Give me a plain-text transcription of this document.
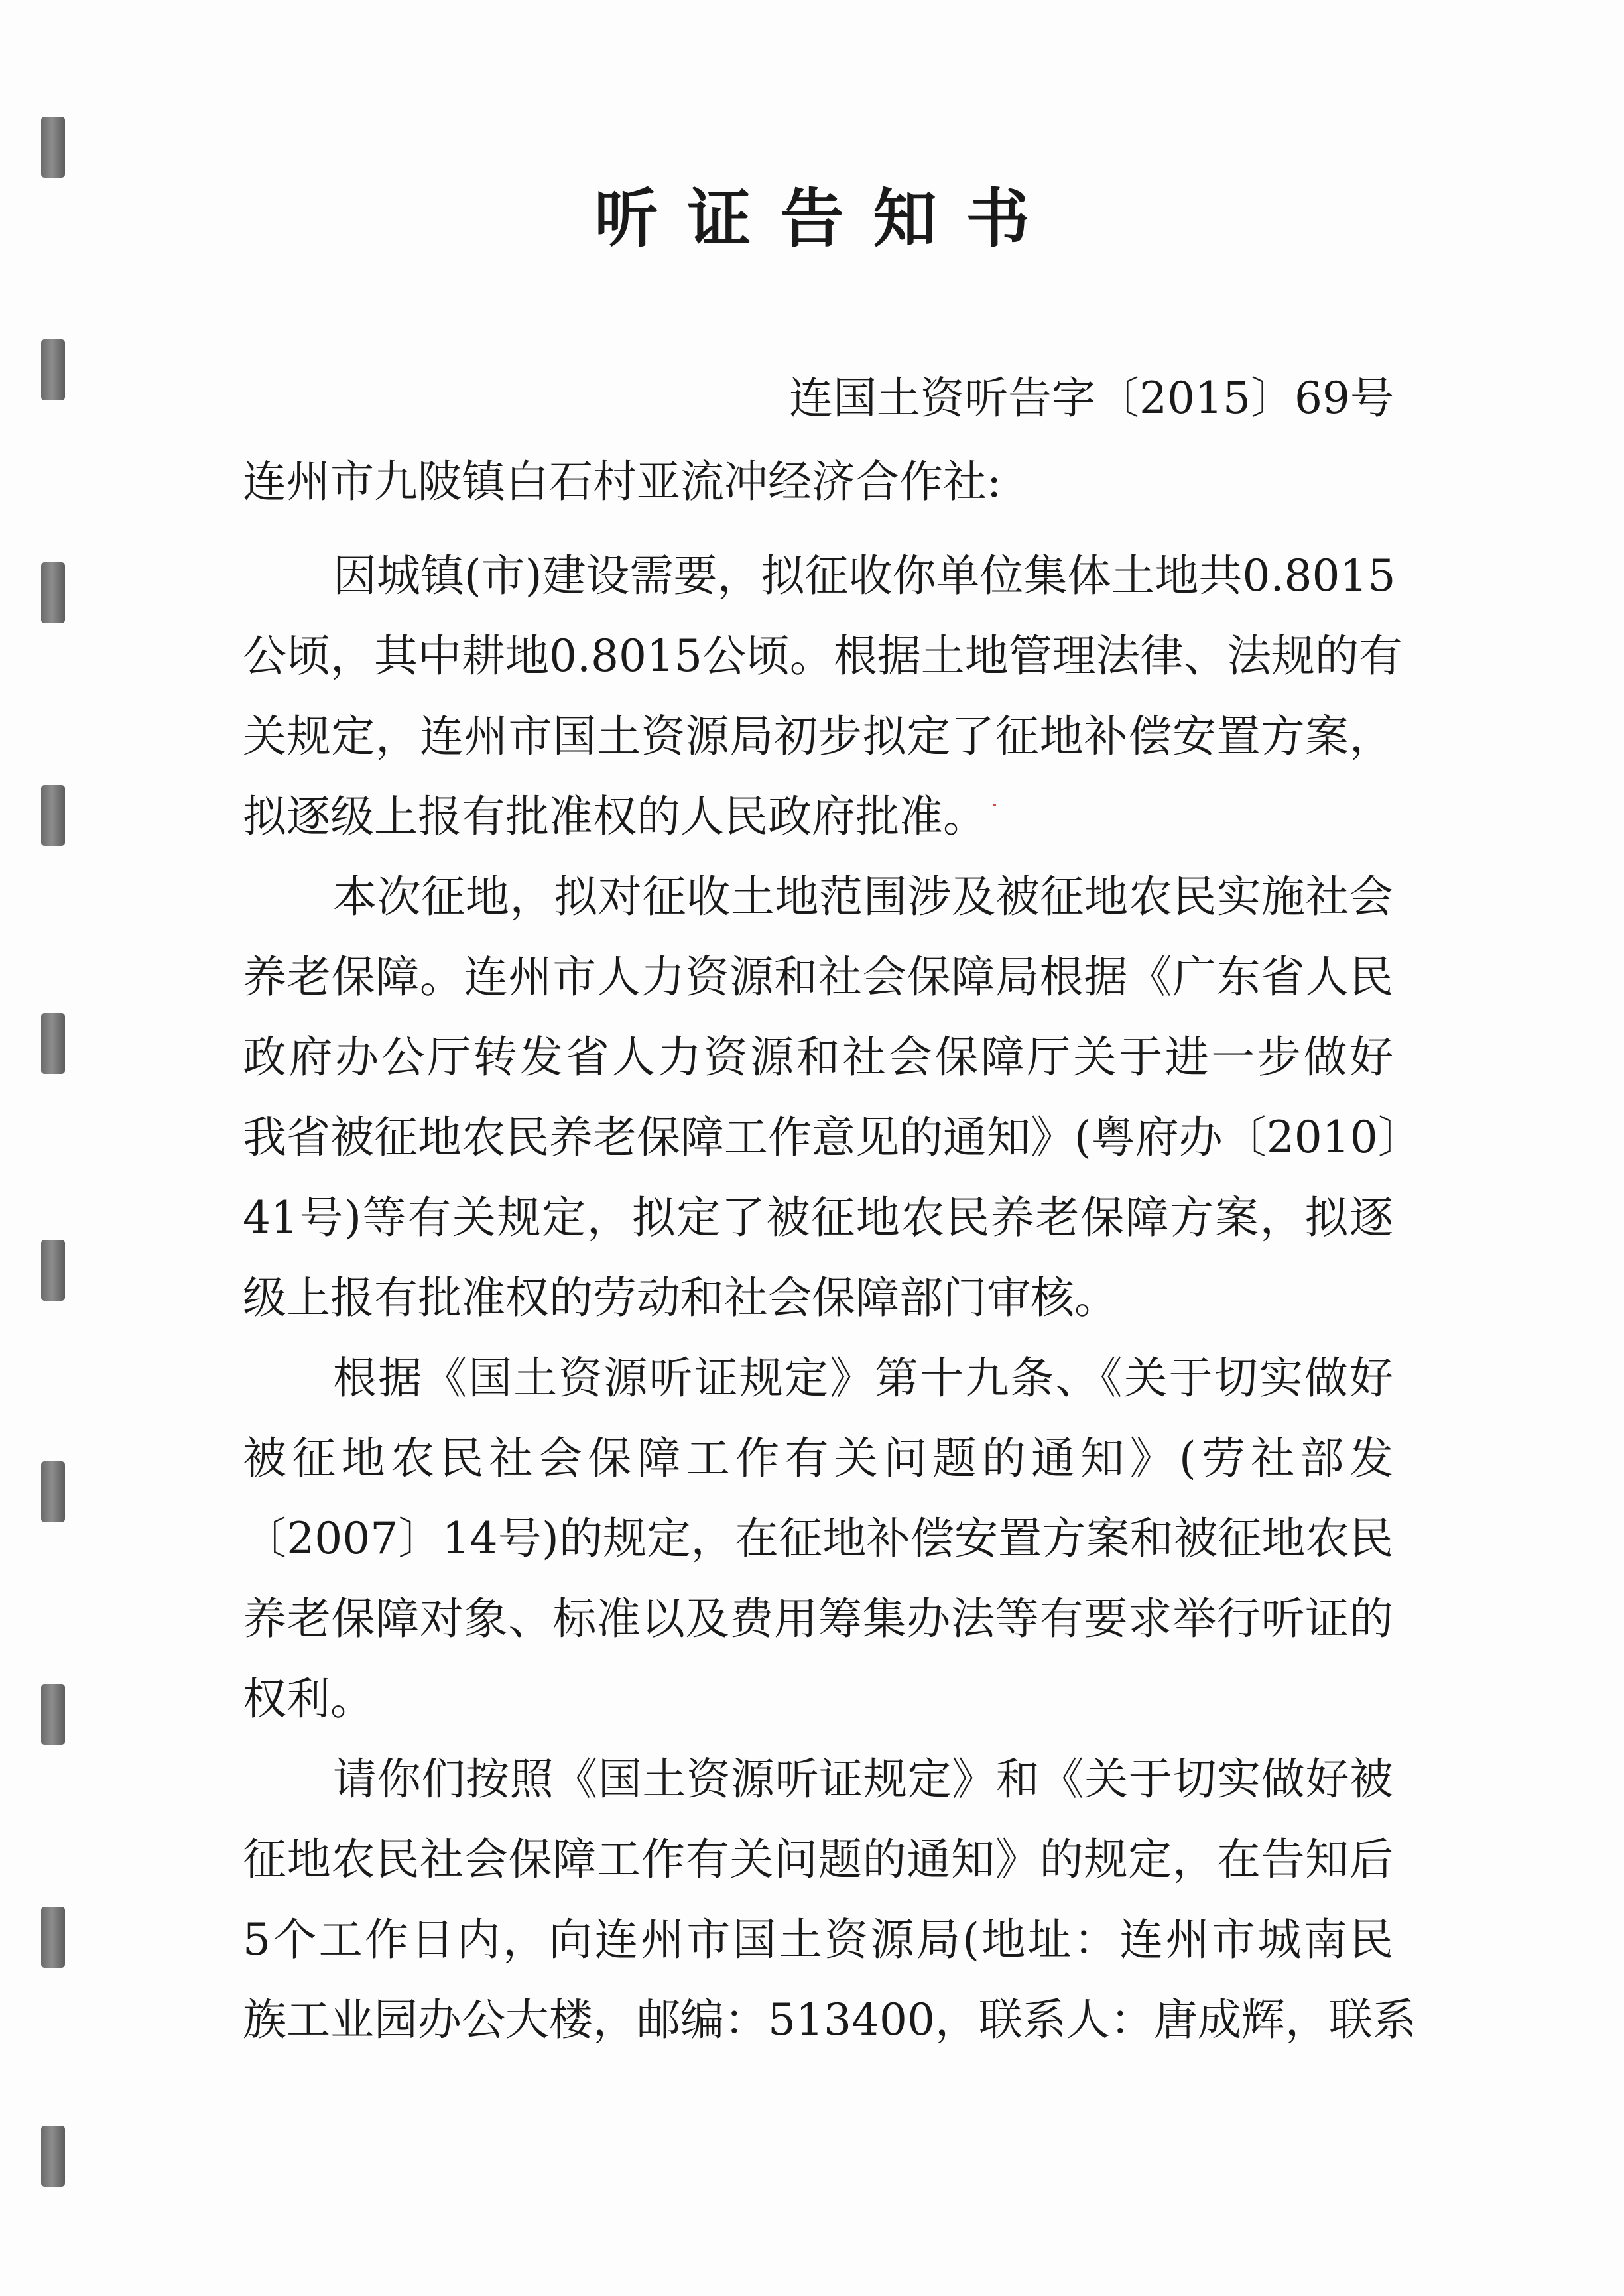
听证告知书
连国土资听告字〔2015〕69号
连州市九陂镇白石村亚流冲经济合作社:
因城镇(市)建设需要，拟征收你单位集体土地共0.8015
公顷，其中耕地0.8015公顷。根据土地管理法律、法规的有
关规定，连州市国土资源局初步拟定了征地补偿安置方案，
拟逐级上报有批准权的人民政府批准。
本次征地，拟对征收土地范围涉及被征地农民实施社会
养老保障。连州市人力资源和社会保障局根据《广东省人民
政府办公厅转发省人力资源和社会保障厅关于进一步做好
我省被征地农民养老保障工作意见的通知》(粤府办〔2010〕
41号)等有关规定，拟定了被征地农民养老保障方案，拟逐
级上报有批准权的劳动和社会保障部门审核。
根据《国土资源听证规定》第十九条、《关于切实做好
被征地农民社会保障工作有关问题的通知》(劳社部发
〔2007〕14号)的规定，在征地补偿安置方案和被征地农民
养老保障对象、标准以及费用筹集办法等有要求举行听证的
权利。
请你们按照《国土资源听证规定》和《关于切实做好被
征地农民社会保障工作有关问题的通知》的规定，在告知后
5个工作日内，向连州市国土资源局(地址：连州市城南民
族工业园办公大楼，邮编：513400，联系人：唐成辉，联系
